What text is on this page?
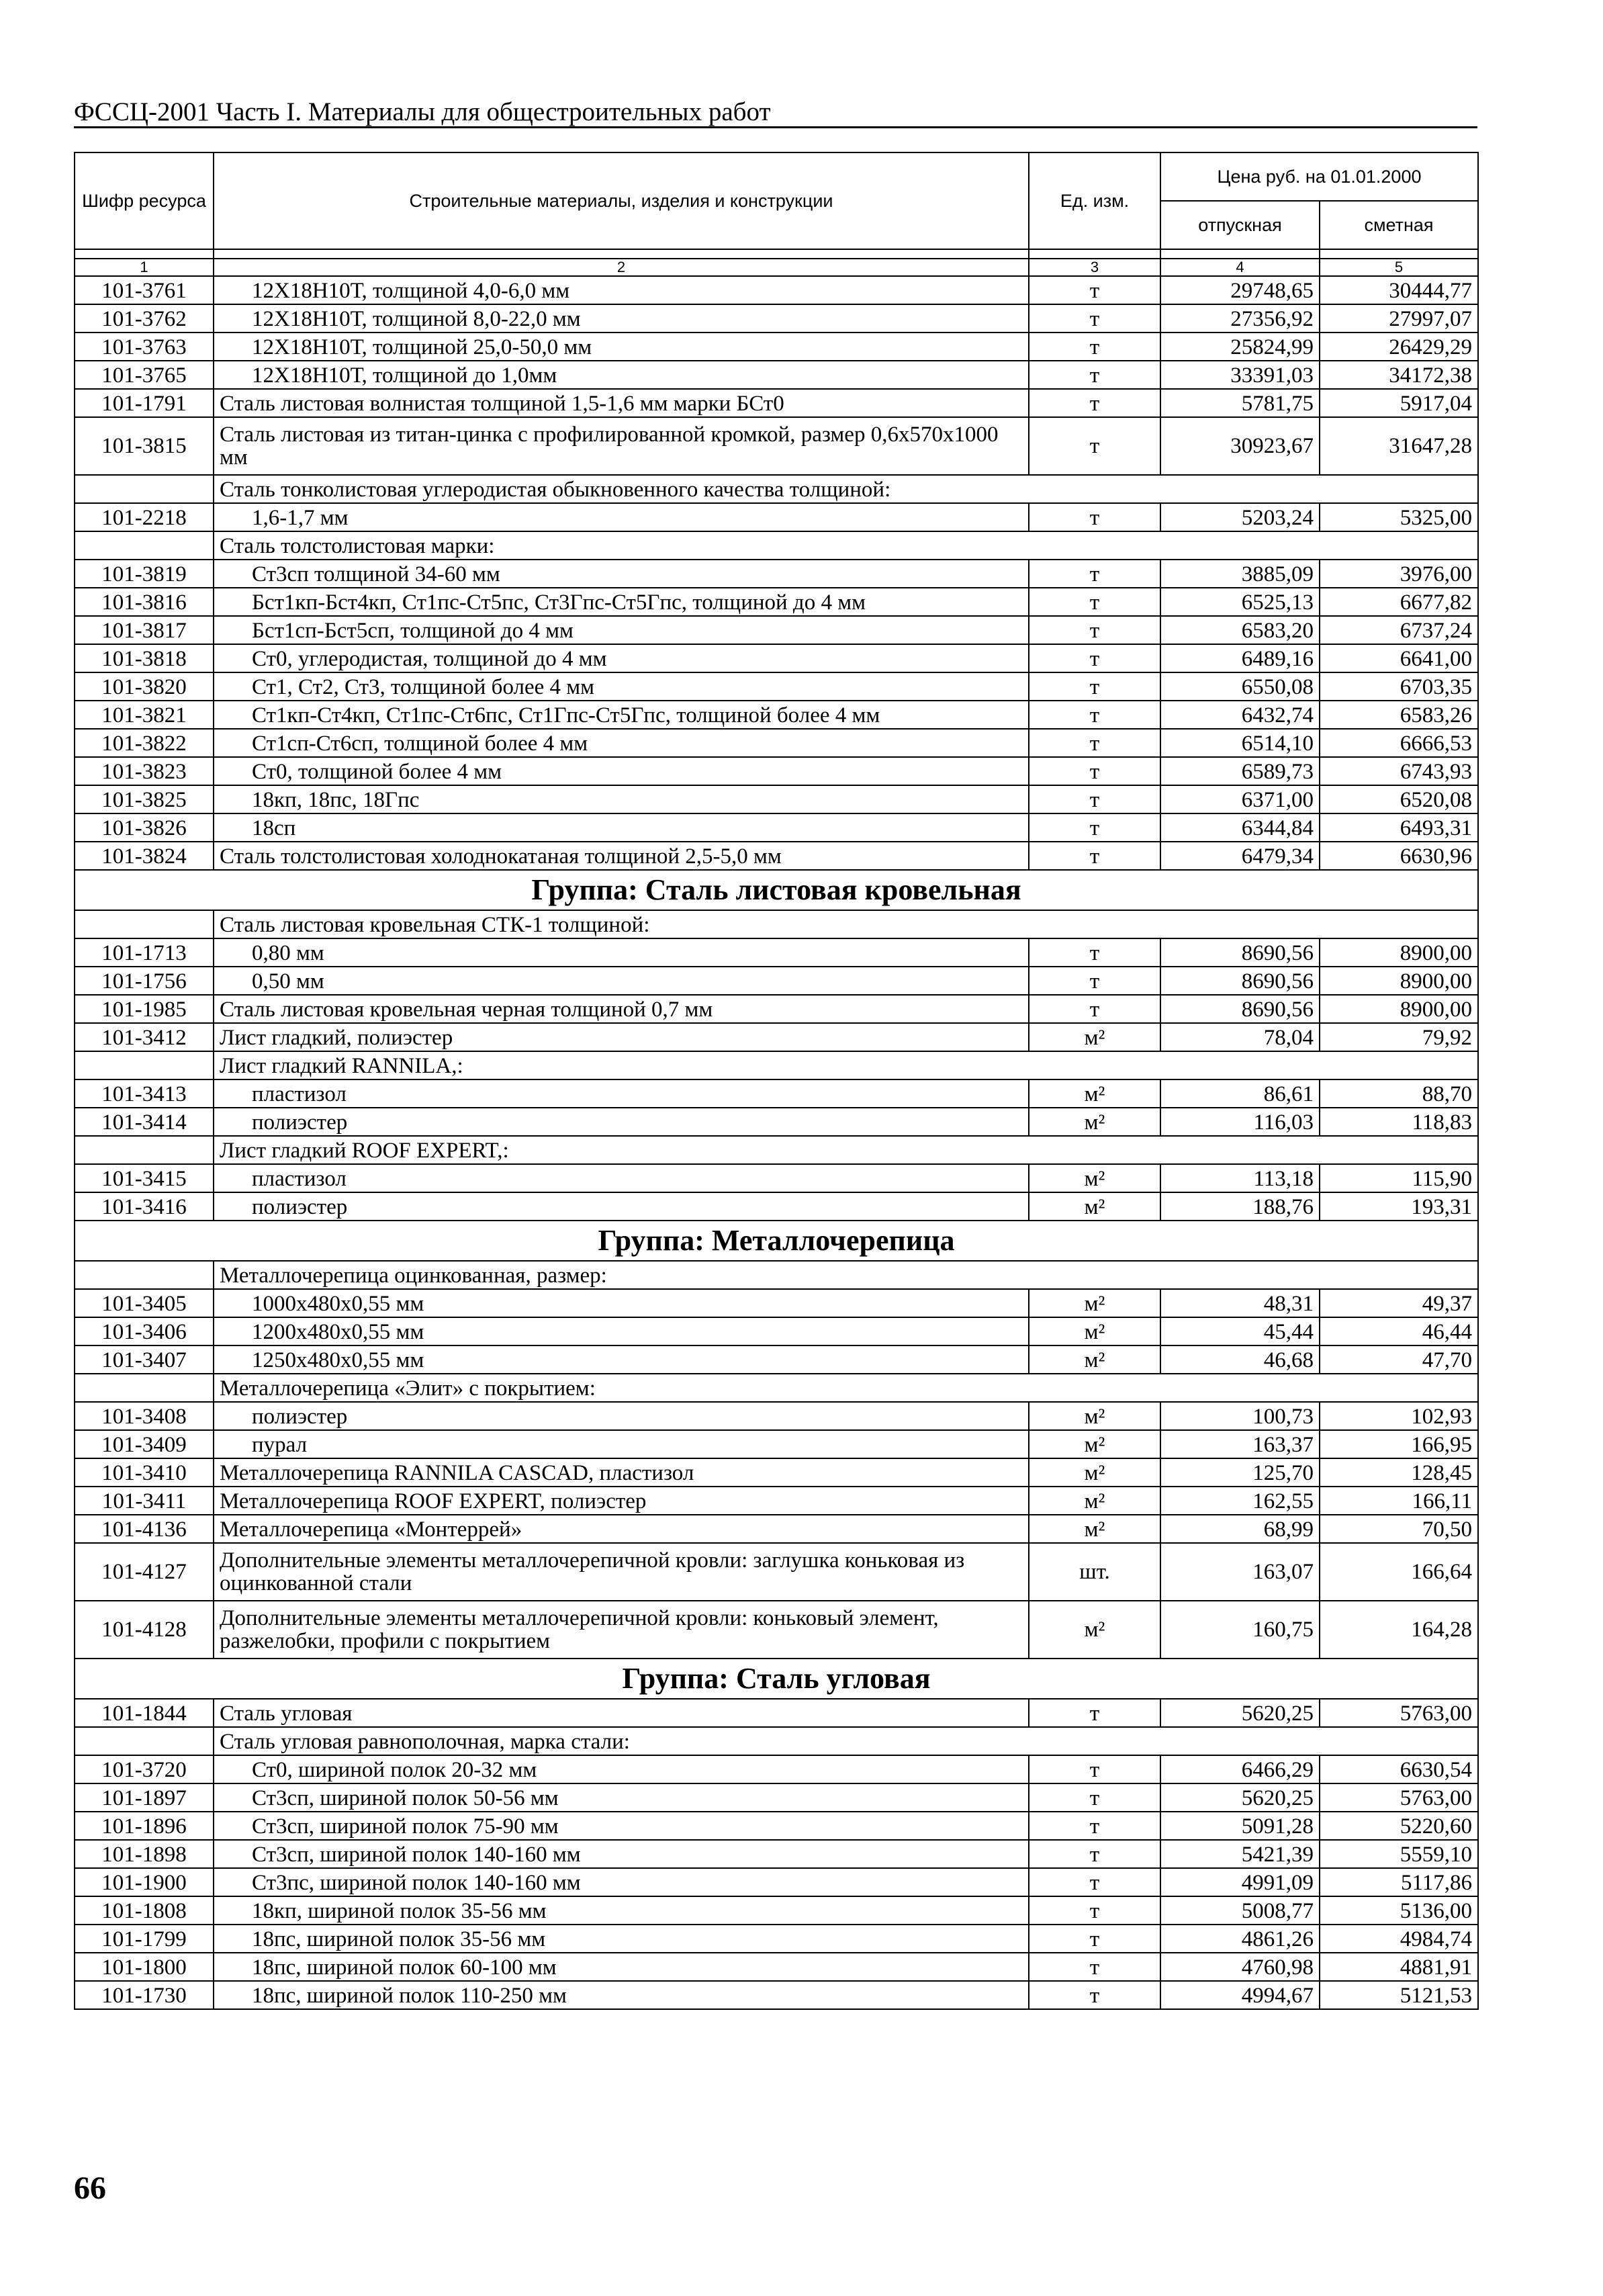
ФССЦ-2001 Часть I. Материалы для общестроительных работ
Шифр ресурса	Строительные материалы, изделия и конструкции	Ед. изм.	Цена руб. на 01.01.2000	
			отпускная	сметная

1	2	3	4	5
101-3761	12Х18Н10Т, толщиной 4,0-6,0 мм	т	29748,65	30444,77
101-3762	12Х18Н10Т, толщиной 8,0-22,0 мм	т	27356,92	27997,07
101-3763	12Х18Н10Т, толщиной 25,0-50,0 мм	т	25824,99	26429,29
101-3765	12Х18Н10Т, толщиной до 1,0мм	т	33391,03	34172,38
101-1791	Сталь листовая волнистая толщиной 1,5-1,6 мм марки БСт0	т	5781,75	5917,04
101-3815	Сталь листовая из титан-цинка с профилированной кромкой, размер 0,6х570х1000 мм	т	30923,67	31647,28
	Сталь тонколистовая углеродистая обыкновенного качества толщиной:			
101-2218	1,6-1,7 мм	т	5203,24	5325,00
	Сталь толстолистовая марки:			
101-3819	Ст3сп толщиной 34-60 мм	т	3885,09	3976,00
101-3816	Бст1кп-Бст4кп, Ст1пс-Ст5пс, Ст3Гпс-Ст5Гпс, толщиной до 4 мм	т	6525,13	6677,82
101-3817	Бст1сп-Бст5сп, толщиной до 4 мм	т	6583,20	6737,24
101-3818	Ст0, углеродистая, толщиной до 4 мм	т	6489,16	6641,00
101-3820	Ст1, Ст2, Ст3, толщиной более 4 мм	т	6550,08	6703,35
101-3821	Ст1кп-Ст4кп, Ст1пс-Ст6пс, Ст1Гпс-Ст5Гпс, толщиной более 4 мм	т	6432,74	6583,26
101-3822	Ст1сп-Ст6сп, толщиной более 4 мм	т	6514,10	6666,53
101-3823	Ст0, толщиной более 4 мм	т	6589,73	6743,93
101-3825	18кп, 18пс, 18Гпс	т	6371,00	6520,08
101-3826	18сп	т	6344,84	6493,31
101-3824	Сталь толстолистовая холоднокатаная толщиной 2,5-5,0 мм	т	6479,34	6630,96
Группа: Сталь листовая кровельная				
	Сталь листовая кровельная СТК-1 толщиной:			
101-1713	0,80 мм	т	8690,56	8900,00
101-1756	0,50 мм	т	8690,56	8900,00
101-1985	Сталь листовая кровельная черная толщиной 0,7 мм	т	8690,56	8900,00
101-3412	Лист гладкий, полиэстер	м²	78,04	79,92
	Лист гладкий RANNILA,:			
101-3413	пластизол	м²	86,61	88,70
101-3414	полиэстер	м²	116,03	118,83
	Лист гладкий ROOF EXPERT,:			
101-3415	пластизол	м²	113,18	115,90
101-3416	полиэстер	м²	188,76	193,31
Группа: Металлочерепица				
	Металлочерепица оцинкованная, размер:			
101-3405	1000х480х0,55 мм	м²	48,31	49,37
101-3406	1200х480х0,55 мм	м²	45,44	46,44
101-3407	1250х480х0,55 мм	м²	46,68	47,70
	Металлочерепица «Элит» с покрытием:			
101-3408	полиэстер	м²	100,73	102,93
101-3409	пурал	м²	163,37	166,95
101-3410	Металлочерепица RANNILA CASCAD, пластизол	м²	125,70	128,45
101-3411	Металлочерепица ROOF EXPERT, полиэстер	м²	162,55	166,11
101-4136	Металлочерепица «Монтеррей»	м²	68,99	70,50
101-4127	Дополнительные элементы металлочерепичной кровли: заглушка коньковая из оцинкованной стали	шт.	163,07	166,64
101-4128	Дополнительные элементы металлочерепичной кровли: коньковый элемент, разжелобки, профили с покрытием	м²	160,75	164,28
Группа: Сталь угловая				
101-1844	Сталь угловая	т	5620,25	5763,00
	Сталь угловая равнополочная, марка стали:			
101-3720	Ст0, шириной полок 20-32 мм	т	6466,29	6630,54
101-1897	Ст3сп, шириной полок 50-56 мм	т	5620,25	5763,00
101-1896	Ст3сп, шириной полок 75-90 мм	т	5091,28	5220,60
101-1898	Ст3сп, шириной полок 140-160 мм	т	5421,39	5559,10
101-1900	Ст3пс, шириной полок 140-160 мм	т	4991,09	5117,86
101-1808	18кп, шириной полок 35-56 мм	т	5008,77	5136,00
101-1799	18пс, шириной полок 35-56 мм	т	4861,26	4984,74
101-1800	18пс, шириной полок 60-100 мм	т	4760,98	4881,91
101-1730	18пс, шириной полок 110-250 мм	т	4994,67	5121,53
66
